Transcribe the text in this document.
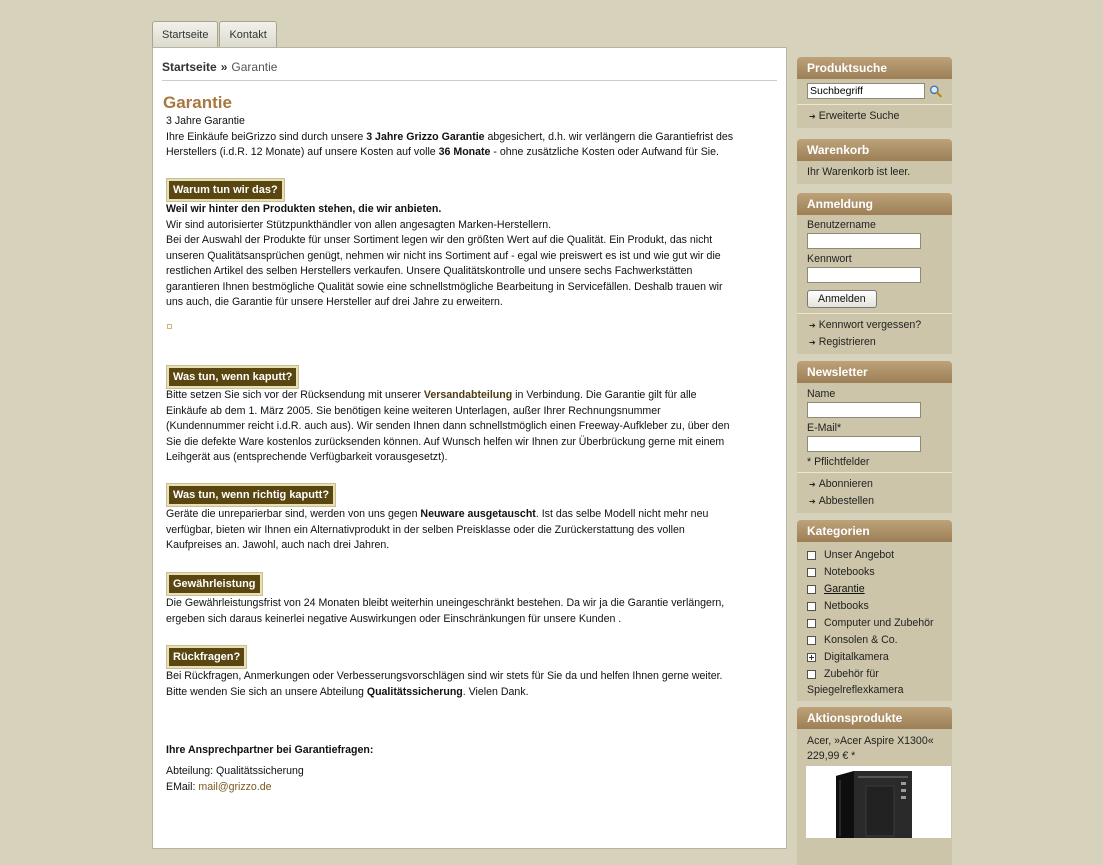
Startseite	Kontakt
Startseite » Garantie
Garantie
3 Jahre Garantie
Ihre Einkäufe beiGrizzo sind durch unsere 3 Jahre Grizzo Garantie abgesichert, d.h. wir verlängern die Garantiefrist des Herstellers (i.d.R. 12 Monate) auf unsere Kosten auf volle 36 Monate - ohne zusätzliche Kosten oder Aufwand für Sie.
Warum tun wir das?
Weil wir hinter den Produkten stehen, die wir anbieten.
Wir sind autorisierter Stützpunkthändler von allen angesagten Marken-Herstellern.
Bei der Auswahl der Produkte für unser Sortiment legen wir den größten Wert auf die Qualität. Ein Produkt, das nicht unseren Qualitätsansprüchen genügt, nehmen wir nicht ins Sortiment auf - egal wie preiswert es ist und wie gut wir die restlichen Artikel des selben Herstellers verkaufen. Unsere Qualitätskontrolle und unsere sechs Fachwerkstätten garantieren Ihnen bestmögliche Qualität sowie eine schnellstmögliche Bearbeitung in Servicefällen. Deshalb trauen wir uns auch, die Garantie für unsere Hersteller auf drei Jahre zu erweitern.
Was tun, wenn kaputt?
Bitte setzen Sie sich vor der Rücksendung mit unserer Versandabteilung in Verbindung. Die Garantie gilt für alle Einkäufe ab dem 1. März 2005. Sie benötigen keine weiteren Unterlagen, außer Ihrer Rechnungsnummer (Kundennummer reicht i.d.R. auch aus). Wir senden Ihnen dann schnellstmöglich einen Freeway-Aufkleber zu, über den Sie die defekte Ware kostenlos zurücksenden können. Auf Wunsch helfen wir Ihnen zur Überbrückung gerne mit einem Leihgerät aus (entsprechende Verfügbarkeit vorausgesetzt).
Was tun, wenn richtig kaputt?
Geräte die unreparierbar sind, werden von uns gegen Neuware ausgetauscht. Ist das selbe Modell nicht mehr neu verfügbar, bieten wir Ihnen ein Alternativprodukt in der selben Preisklasse oder die Zurückerstattung des vollen Kaufpreises an. Jawohl, auch nach drei Jahren.
Gewährleistung
Die Gewährleistungsfrist von 24 Monaten bleibt weiterhin uneingeschränkt bestehen. Da wir ja die Garantie verlängern, ergeben sich daraus keinerlei negative Auswirkungen oder Einschränkungen für unsere Kunden .
Rückfragen?
Bei Rückfragen, Anmerkungen oder Verbesserungsvorschlägen sind wir stets für Sie da und helfen Ihnen gerne weiter. Bitte wenden Sie sich an unsere Abteilung Qualitätssicherung. Vielen Dank.
Ihre Ansprechpartner bei Garantiefragen:
Abteilung: Qualitätssicherung
EMail: mail@grizzo.de
Produktsuche
Suchbegriff
➔ Erweiterte Suche
Warenkorb
Ihr Warenkorb ist leer.
Anmeldung
Benutzername
Kennwort
Anmelden
➔ Kennwort vergessen?
➔ Registrieren
Newsletter
Name
E-Mail*
* Pflichtfelder
➔ Abonnieren
➔ Abbestellen
Kategorien
Unser Angebot
Notebooks
Garantie
Netbooks
Computer und Zubehör
Konsolen & Co.
Digitalkamera
Zubehör für
Spiegelreflexkamera
Aktionsprodukte
Acer, »Acer Aspire X1300«
229,99 € *
